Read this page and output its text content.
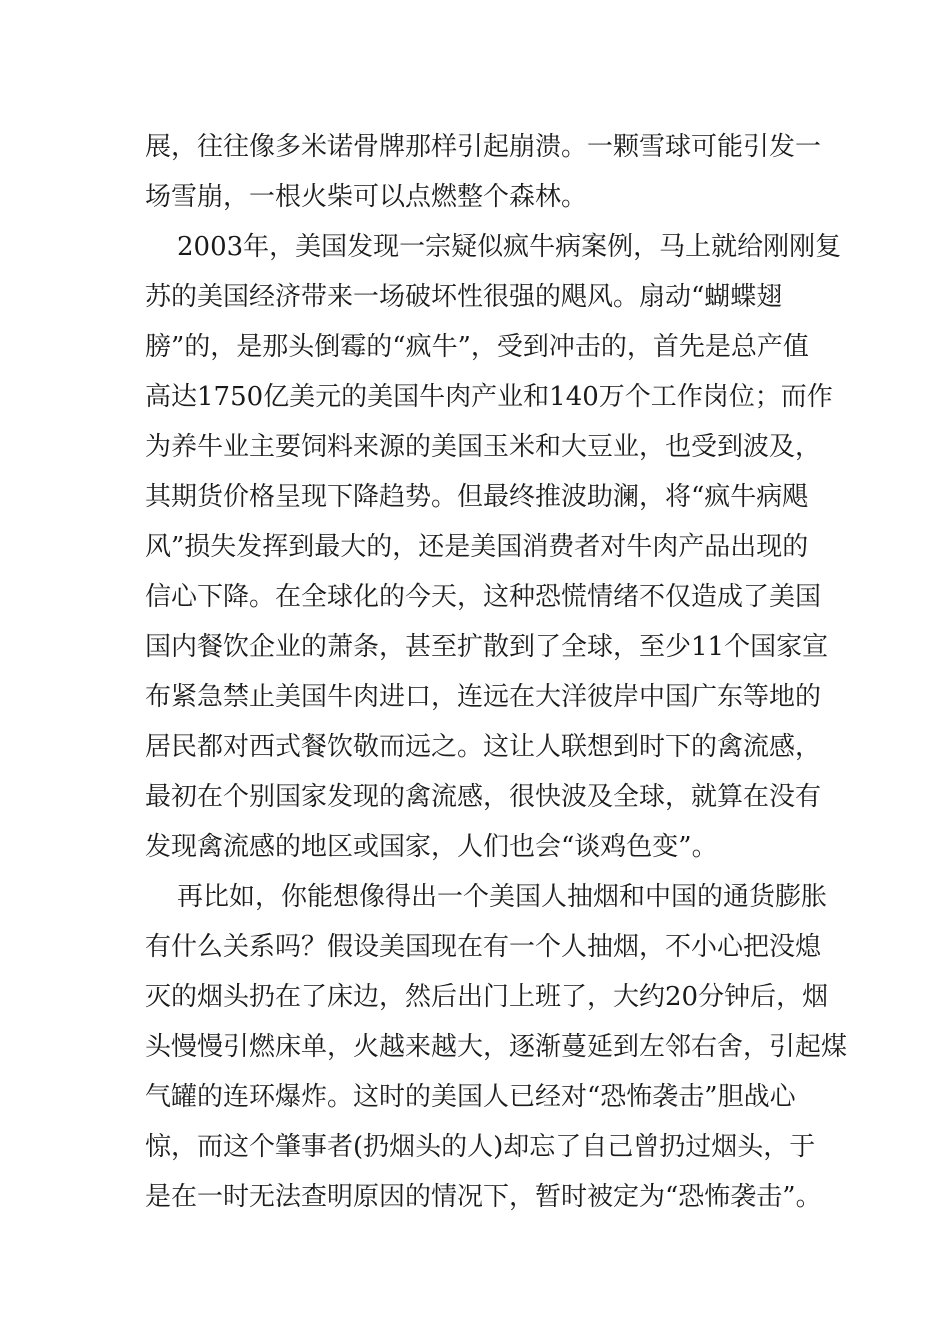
展，往往像多米诺骨牌那样引起崩溃。一颗雪球可能引发一
场雪崩，一根火柴可以点燃整个森林。
2003年，美国发现一宗疑似疯牛病案例，马上就给刚刚复
苏的美国经济带来一场破坏性很强的飓风。扇动“蝴蝶翅
膀”的，是那头倒霉的“疯牛”，受到冲击的，首先是总产值
高达1750亿美元的美国牛肉产业和140万个工作岗位；而作
为养牛业主要饲料来源的美国玉米和大豆业，也受到波及，
其期货价格呈现下降趋势。但最终推波助澜，将“疯牛病飓
风”损失发挥到最大的，还是美国消费者对牛肉产品出现的
信心下降。在全球化的今天，这种恐慌情绪不仅造成了美国
国内餐饮企业的萧条，甚至扩散到了全球，至少11个国家宣
布紧急禁止美国牛肉进口，连远在大洋彼岸中国广东等地的
居民都对西式餐饮敬而远之。这让人联想到时下的禽流感，
最初在个别国家发现的禽流感，很快波及全球，就算在没有
发现禽流感的地区或国家，人们也会“谈鸡色变”。
再比如，你能想像得出一个美国人抽烟和中国的通货膨胀
有什么关系吗？假设美国现在有一个人抽烟，不小心把没熄
灭的烟头扔在了床边，然后出门上班了，大约20分钟后，烟
头慢慢引燃床单，火越来越大，逐渐蔓延到左邻右舍，引起煤
气罐的连环爆炸。这时的美国人已经对“恐怖袭击”胆战心
惊，而这个肇事者(扔烟头的人)却忘了自己曾扔过烟头，于
是在一时无法查明原因的情况下，暂时被定为“恐怖袭击”。
